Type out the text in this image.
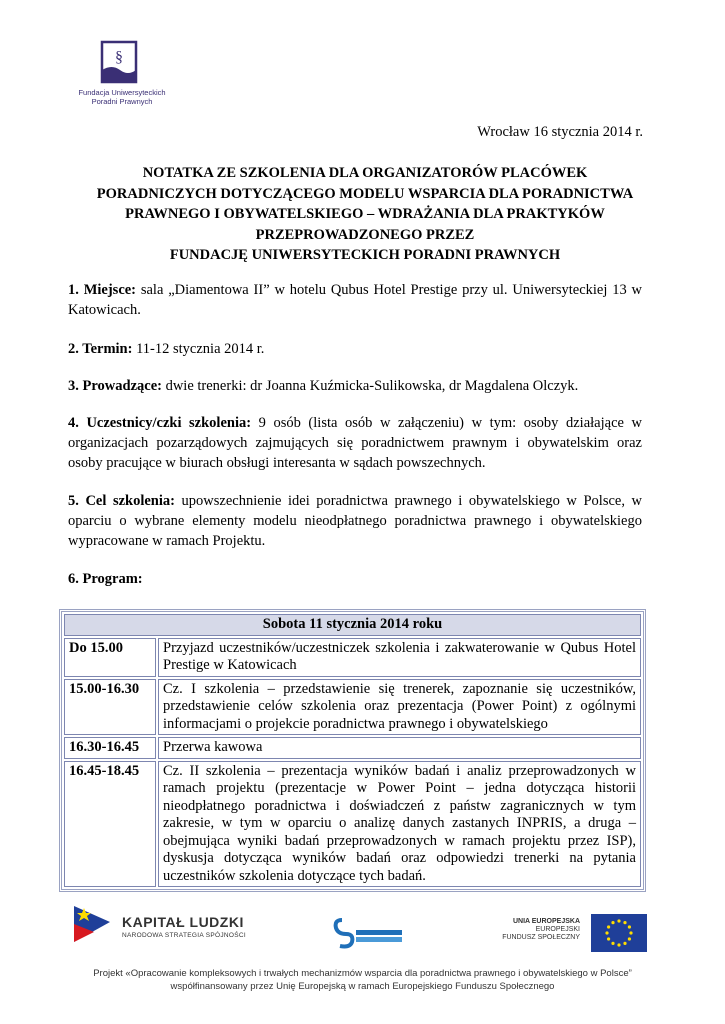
§
Fundacja Uniwersyteckich
Poradni Prawnych
Wrocław 16 stycznia 2014 r.
NOTATKA ZE SZKOLENIA DLA ORGANIZATORÓW PLACÓWEK
PORADNICZYCH DOTYCZĄCEGO MODELU WSPARCIA DLA PORADNICTWA
PRAWNEGO I OBYWATELSKIEGO – WDRAŻANIA DLA PRAKTYKÓW
PRZEPROWADZONEGO PRZEZ
FUNDACJĘ UNIWERSYTECKICH PORADNI PRAWNYCH
1. Miejsce: sala „Diamentowa II” w hotelu Qubus Hotel Prestige przy ul. Uniwersyteckiej 13 w Katowicach.
2. Termin: 11-12 stycznia 2014 r.
3. Prowadzące: dwie trenerki: dr Joanna Kuźmicka-Sulikowska, dr Magdalena Olczyk.
4. Uczestnicy/czki szkolenia: 9 osób (lista osób w załączeniu) w tym: osoby działające w organizacjach pozarządowych zajmujących się poradnictwem prawnym i obywatelskim oraz osoby pracujące w biurach obsługi interesanta w sądach powszechnych.
5. Cel szkolenia: upowszechnienie idei poradnictwa prawnego i obywatelskiego w Polsce, w oparciu o wybrane elementy modelu nieodpłatnego poradnictwa prawnego i obywatelskiego wypracowane w ramach Projektu.
6. Program:
Sobota 11 stycznia 2014 roku	
Do 15.00	Przyjazd uczestników/uczestniczek szkolenia i zakwaterowanie w Qubus Hotel Prestige w Katowicach
15.00-16.30	Cz. I szkolenia – przedstawienie się trenerek, zapoznanie się uczestników, przedstawienie celów szkolenia oraz prezentacja (Power Point) z ogólnymi informacjami o projekcie poradnictwa prawnego i obywatelskiego
16.30-16.45	Przerwa kawowa
16.45-18.45	Cz. II szkolenia – prezentacja wyników badań i analiz przeprowadzonych w ramach projektu (prezentacje w Power Point – jedna dotycząca historii nieodpłatnego poradnictwa i doświadczeń z państw zagranicznych w tym zakresie, w tym w oparciu o analizę danych zastanych INPRIS, a druga – obejmująca wyniki badań przeprowadzonych w ramach projektu przez ISP), dyskusja dotycząca wyników badań oraz odpowiedzi trenerki na pytania uczestników szkolenia dotyczące tych badań.
KAPITAŁ LUDZKI
NARODOWA STRATEGIA SPÓJNOŚCI
UNIA EUROPEJSKA
EUROPEJSKI
FUNDUSZ SPOŁECZNY
Projekt «Opracowanie kompleksowych i trwałych mechanizmów wsparcia dla poradnictwa prawnego i obywatelskiego w Polsce”
współfinansowany przez Unię Europejską w ramach Europejskiego Funduszu Społecznego
